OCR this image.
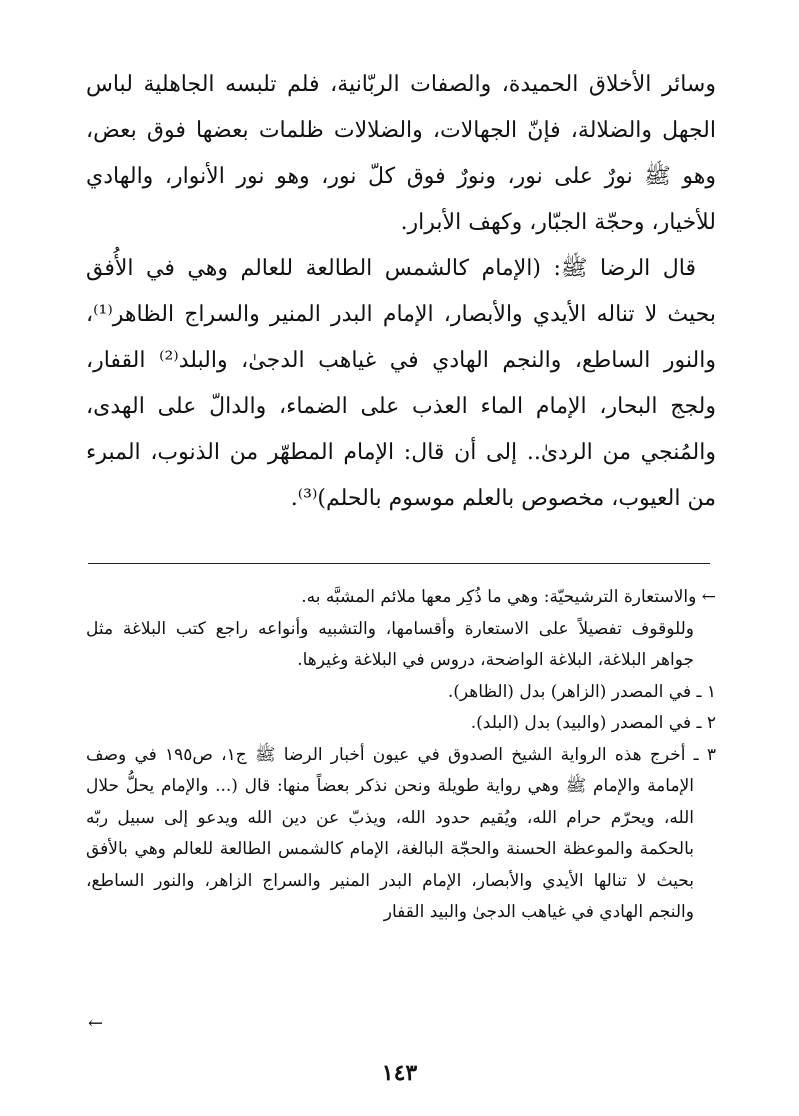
وسائر الأخلاق الحميدة، والصفات الربّانية، فلم تلبسه الجاهلية لباس الجهل والضلالة، فإنّ الجهالات، والضلالات ظلمات بعضها فوق بعض، وهو ﷺ نورٌ على نور، ونورٌ فوق كلّ نور، وهو نور الأنوار، والهادي للأخيار، وحجّة الجبّار، وكهف الأبرار.

قال الرضا ﷺ: (الإمام كالشمس الطالعة للعالم وهي في الأُفق بحيث لا تناله الأيدي والأبصار، الإمام البدر المنير والسراج الظاهر⁽¹⁾، والنور الساطع، والنجم الهادي في غياهب الدجىٰ، والبلد⁽²⁾ القفار، ولجج البحار، الإمام الماء العذب على الضماء، والدالّ على الهدى، والمُنجي من الردىٰ.. إلى أن قال: الإمام المطهّر من الذنوب، المبرء من العيوب، مخصوص بالعلم موسوم بالحلم)⁽³⁾.

← والاستعارة الترشيحيّة: وهي ما ذُكِر معها ملائم المشبَّه به.

وللوقوف تفصيلاً على الاستعارة وأقسامها، والتشبيه وأنواعه راجع كتب البلاغة مثل جواهر البلاغة، البلاغة الواضحة، دروس في البلاغة وغيرها.

١ ـ في المصدر (الزاهر) بدل (الظاهر).

٢ ـ في المصدر (والبيد) بدل (البلد).

٣ ـ أخرج هذه الرواية الشيخ الصدوق في عيون أخبار الرضا ﷺ ج١، ص١٩٥ في وصف الإمامة والإمام ﷺ وهي رواية طويلة ونحن نذكر بعضاً منها: قال (... والإمام يحلُّ حلال الله، ويحرّم حرام الله، ويُقيم حدود الله، ويذبّ عن دين الله ويدعو إلى سبيل ربّه بالحكمة والموعظة الحسنة والحجّة البالغة، الإمام كالشمس الطالعة للعالم وهي بالأفق بحيث لا تنالها الأيدي والأبصار، الإمام البدر المنير والسراج الزاهر، والنور الساطع، والنجم الهادي في غياهب الدجىٰ والبيد القفار

←
١٤٣
